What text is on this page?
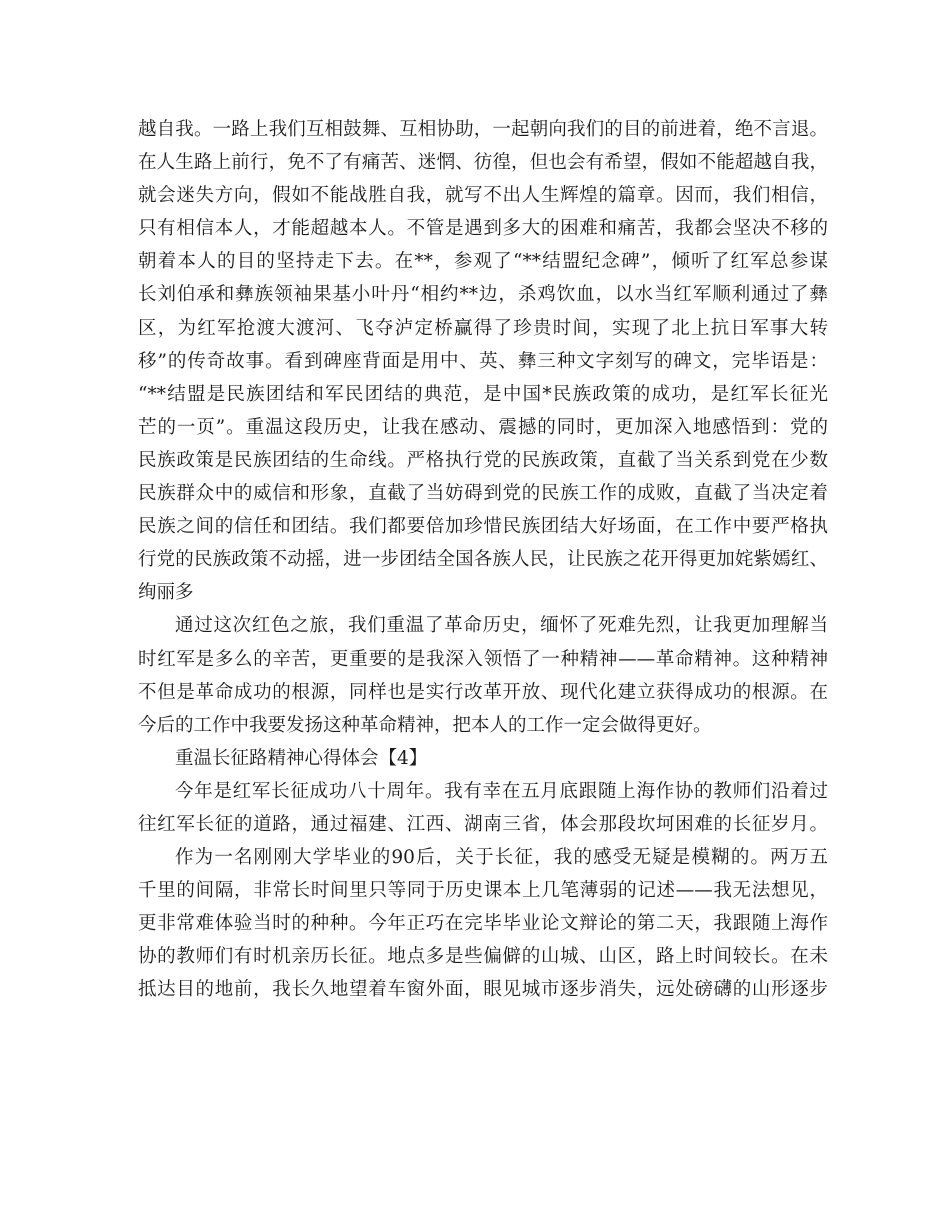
越自我。一路上我们互相鼓舞、互相协助，一起朝向我们的目的前进着，绝不言退。
在人生路上前行，免不了有痛苦、迷惘、彷徨，但也会有希望，假如不能超越自我，
就会迷失方向，假如不能战胜自我，就写不出人生辉煌的篇章。因而，我们相信，
只有相信本人，才能超越本人。不管是遇到多大的困难和痛苦，我都会坚决不移的
朝着本人的目的坚持走下去。在**，参观了“**结盟纪念碑”，倾听了红军总参谋
长刘伯承和彝族领袖果基小叶丹“相约**边，杀鸡饮血，以水当红军顺利通过了彝
区，为红军抢渡大渡河、飞夺泸定桥赢得了珍贵时间，实现了北上抗日军事大转
移”的传奇故事。看到碑座背面是用中、英、彝三种文字刻写的碑文，完毕语是：
“**结盟是民族团结和军民团结的典范，是中国*民族政策的成功，是红军长征光
芒的一页”。重温这段历史，让我在感动、震撼的同时，更加深入地感悟到：党的
民族政策是民族团结的生命线。严格执行党的民族政策，直截了当关系到党在少数
民族群众中的威信和形象，直截了当妨碍到党的民族工作的成败，直截了当决定着
民族之间的信任和团结。我们都要倍加珍惜民族团结大好场面，在工作中要严格执
行党的民族政策不动摇，进一步团结全国各族人民，让民族之花开得更加姹紫嫣红、
绚丽多
通过这次红色之旅，我们重温了革命历史，缅怀了死难先烈，让我更加理解当
时红军是多么的辛苦，更重要的是我深入领悟了一种精神——革命精神。这种精神
不但是革命成功的根源，同样也是实行改革开放、现代化建立获得成功的根源。在
今后的工作中我要发扬这种革命精神，把本人的工作一定会做得更好。
重温长征路精神心得体会【4】
今年是红军长征成功八十周年。我有幸在五月底跟随上海作协的教师们沿着过
往红军长征的道路，通过福建、江西、湖南三省，体会那段坎坷困难的长征岁月。
作为一名刚刚大学毕业的90后，关于长征，我的感受无疑是模糊的。两万五
千里的间隔，非常长时间里只等同于历史课本上几笔薄弱的记述——我无法想见，
更非常难体验当时的种种。今年正巧在完毕毕业论文辩论的第二天，我跟随上海作
协的教师们有时机亲历长征。地点多是些偏僻的山城、山区，路上时间较长。在未
抵达目的地前，我长久地望着车窗外面，眼见城市逐步消失，远处磅礴的山形逐步
